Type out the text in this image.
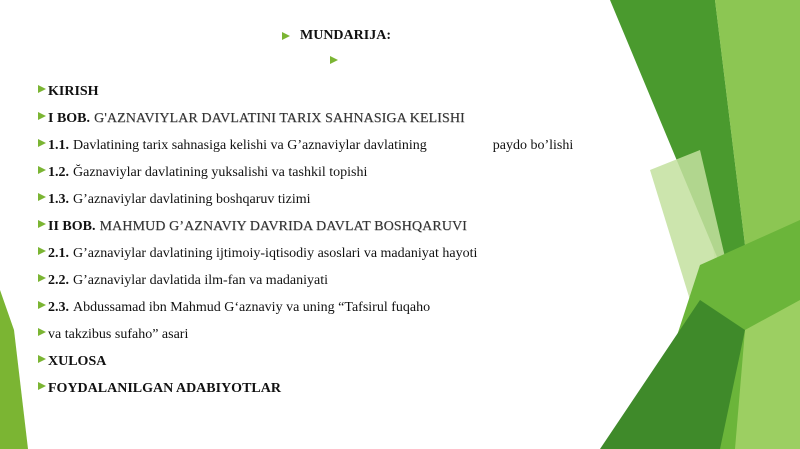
MUNDARIJA:
KIRISH
I BOB. G'AZNAVIYLAR DAVLATINI TARIX SAHNASIGA KELISHI
1.1. Davlatining tarix sahnasiga kelishi va G’aznaviylar davlatining	paydo bo’lishi
1.2. Ğaznaviylar davlatining yuksalishi va tashkil topishi
1.3. G’aznaviylar davlatining boshqaruv tizimi
II BOB. MAHMUD G’AZNAVIY DAVRIDA DAVLAT BOSHQARUVI
2.1. G’aznaviylar davlatining ijtimoiy-iqtisodiy asoslari va madaniyat hayoti
2.2. G’aznaviylar davlatida ilm-fan va madaniyati
2.3. Abdussamad ibn Mahmud G‘aznaviy va uning “Tafsirul fuqaho
va takzibus sufaho” asari
XULOSA
FOYDALANILGAN ADABIYOTLAR
